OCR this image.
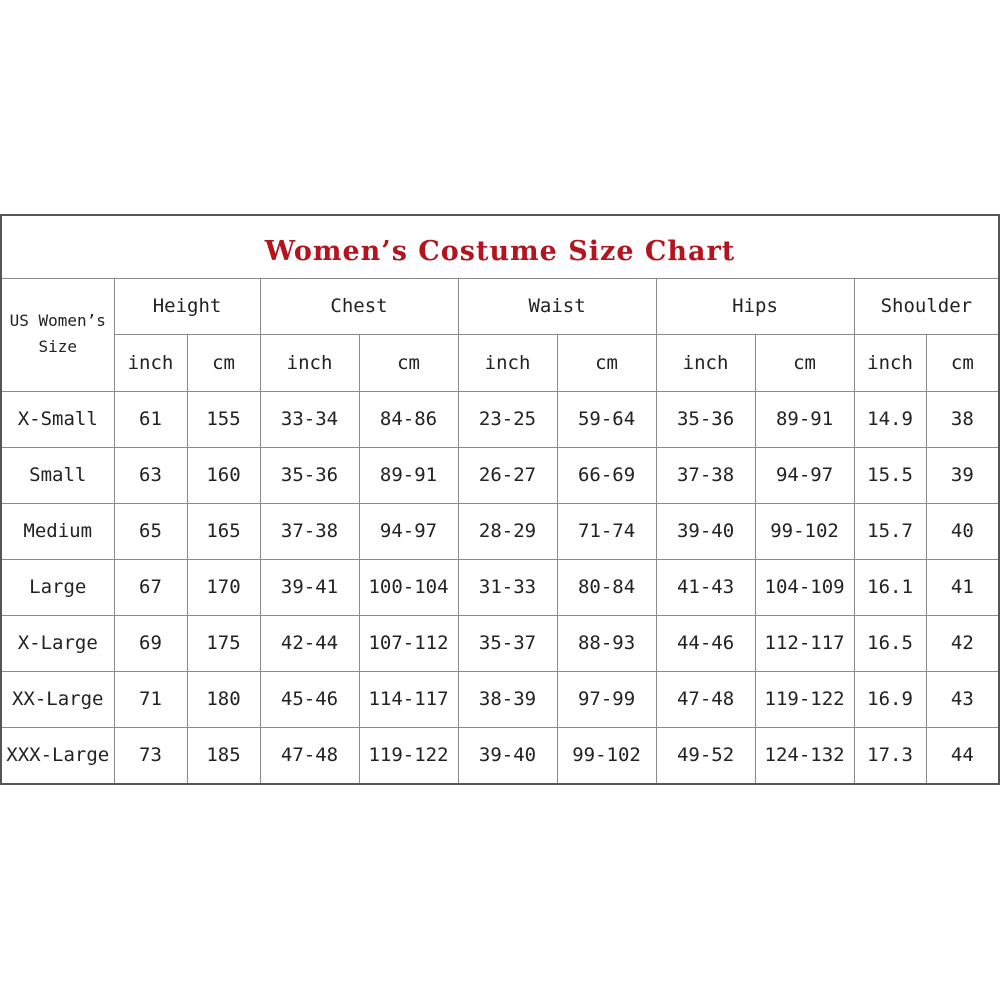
Women’s Costume Size Chart
US Women’s
Size	Height		Chest		Waist		Hips		Shoulder	
	inch	cm	inch	cm	inch	cm	inch	cm	inch	cm
X-Small	61	155	33-34	84-86	23-25	59-64	35-36	89-91	14.9	38
Small	63	160	35-36	89-91	26-27	66-69	37-38	94-97	15.5	39
Medium	65	165	37-38	94-97	28-29	71-74	39-40	99-102	15.7	40
Large	67	170	39-41	100-104	31-33	80-84	41-43	104-109	16.1	41
X-Large	69	175	42-44	107-112	35-37	88-93	44-46	112-117	16.5	42
XX-Large	71	180	45-46	114-117	38-39	97-99	47-48	119-122	16.9	43
XXX-Large	73	185	47-48	119-122	39-40	99-102	49-52	124-132	17.3	44
